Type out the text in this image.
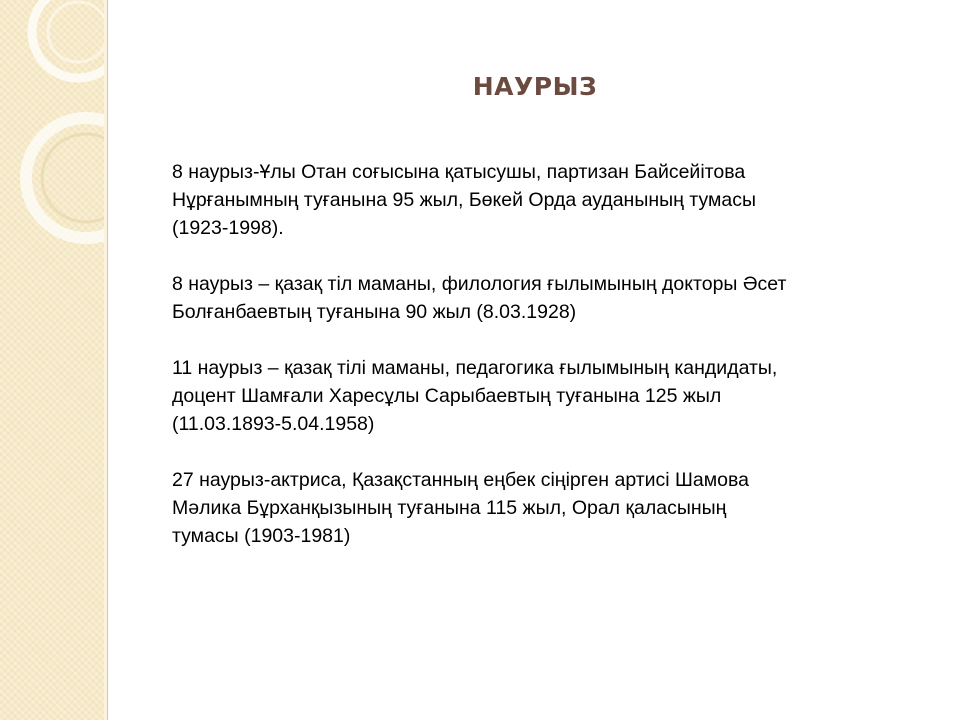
НАУРЫЗ

8 наурыз-Ұлы Отан соғысына қатысушы, партизан Байсейітова
Нұрғанымның туғанына 95 жыл, Бөкей Орда ауданының тумасы
(1923-1998).

8 наурыз – қазақ тіл маманы, филология ғылымының докторы Әсет
Болғанбаевтың туғанына 90 жыл (8.03.1928)

11 наурыз – қазақ тілі маманы, педагогика ғылымының кандидаты,
доцент Шамғали Харесұлы Сарыбаевтың туғанына 125 жыл
(11.03.1893-5.04.1958)

27 наурыз-актриса, Қазақстанның еңбек сіңірген артисі Шамова
Мәлика Бұрханқызының туғанына 115 жыл, Орал қаласының
тумасы (1903-1981)
